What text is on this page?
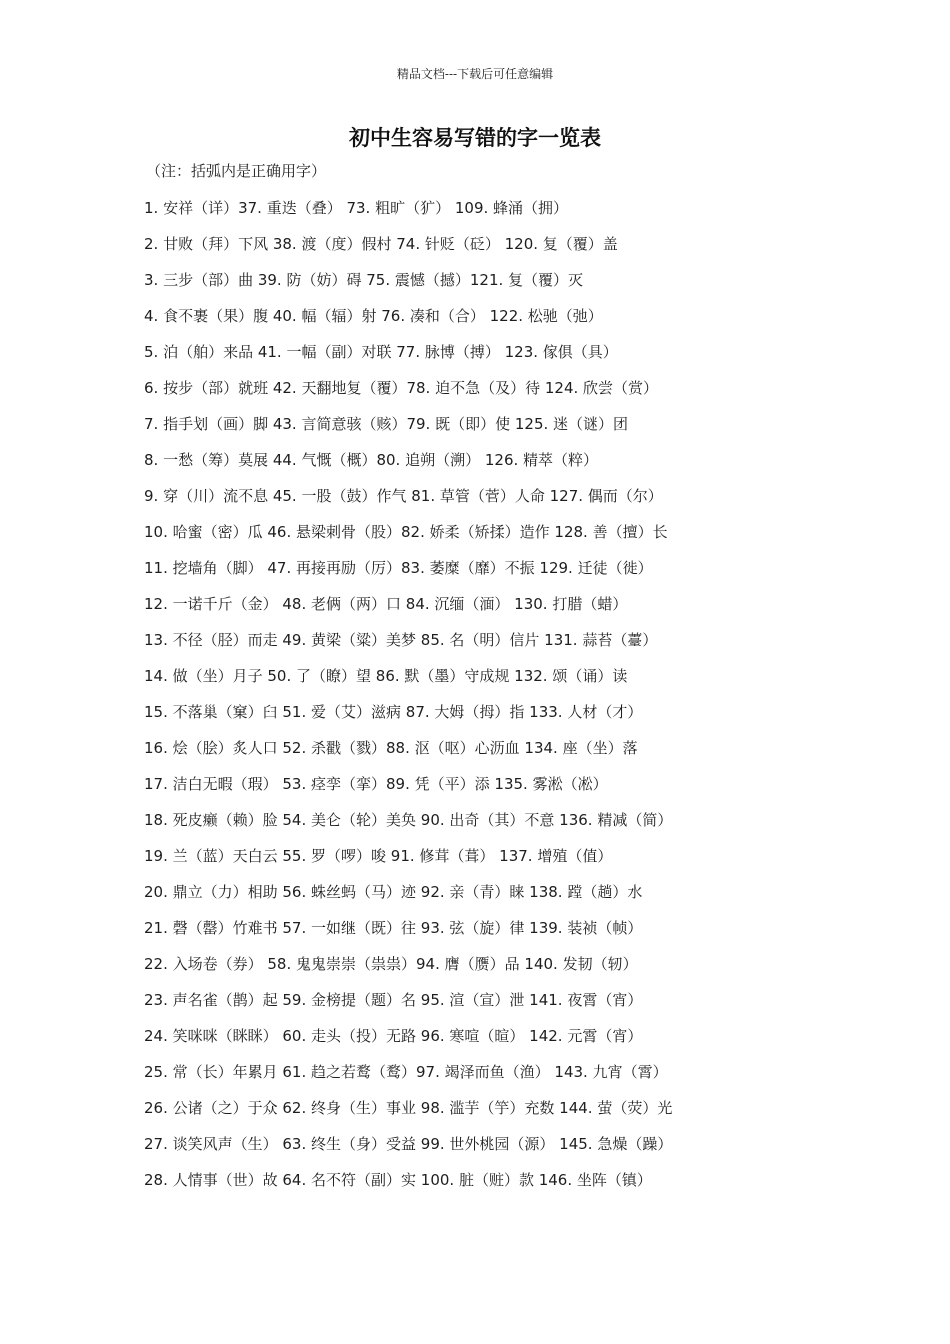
精品文档---下载后可任意编辑
初中生容易写错的字一览表
（注：括弧内是正确用字）
1. 安祥（详）37. 重迭（叠） 73. 粗旷（犷） 109. 蜂涌（拥）
2. 甘败（拜）下风 38. 渡（度）假村 74. 针贬（砭） 120. 复（覆）盖
3. 三步（部）曲 39. 防（妨）碍 75. 震憾（撼）121. 复（覆）灭
4. 食不裹（果）腹 40. 幅（辐）射 76. 凑和（合） 122. 松驰（弛）
5. 泊（舶）来品 41. 一幅（副）对联 77. 脉博（搏） 123. 傢俱（具）
6. 按步（部）就班 42. 天翻地复（覆）78. 迫不急（及）待 124. 欣尝（赏）
7. 指手划（画）脚 43. 言简意骇（赅）79. 既（即）使 125. 迷（谜）团
8. 一愁（筹）莫展 44. 气慨（概）80. 追朔（溯） 126. 精萃（粹）
9. 穿（川）流不息 45. 一股（鼓）作气 81. 草管（菅）人命 127. 偶而（尔）
10. 哈蜜（密）瓜 46. 悬梁刺骨（股）82. 娇柔（矫揉）造作 128. 善（擅）长
11. 挖墙角（脚） 47. 再接再励（厉）83. 萎糜（靡）不振 129. 迁徒（徙）
12. 一诺千斤（金） 48. 老俩（两）口 84. 沉缅（湎） 130. 打腊（蜡）
13. 不径（胫）而走 49. 黄梁（粱）美梦 85. 名（明）信片 131. 蒜苔（薹）
14. 做（坐）月子 50. 了（瞭）望 86. 默（墨）守成规 132. 颂（诵）读
15. 不落巢（窠）臼 51. 爱（艾）滋病 87. 大姆（拇）指 133. 人材（才）
16. 烩（脍）炙人口 52. 杀戳（戮）88. 沤（呕）心沥血 134. 座（坐）落
17. 洁白无暇（瑕） 53. 痉孪（挛）89. 凭（平）添 135. 雾淞（凇）
18. 死皮癞（赖）脸 54. 美仑（轮）美奂 90. 出奇（其）不意 136. 精减（简）
19. 兰（蓝）天白云 55. 罗（啰）唆 91. 修茸（葺） 137. 增殖（值）
20. 鼎立（力）相助 56. 蛛丝蚂（马）迹 92. 亲（青）睐 138. 蹚（趟）水
21. 磬（罄）竹难书 57. 一如继（既）往 93. 弦（旋）律 139. 装祯（帧）
22. 入场卷（券） 58. 鬼鬼崇崇（祟祟）94. 膺（赝）品 140. 发韧（轫）
23. 声名雀（鹊）起 59. 金榜提（题）名 95. 渲（宣）泄 141. 夜霄（宵）
24. 笑咪咪（眯眯） 60. 走头（投）无路 96. 寒喧（暄） 142. 元霄（宵）
25. 常（长）年累月 61. 趋之若鹜（鹜）97. 竭泽而鱼（渔） 143. 九宵（霄）
26. 公诸（之）于众 62. 终身（生）事业 98. 滥芋（竽）充数 144. 萤（荧）光
27. 谈笑风声（生） 63. 终生（身）受益 99. 世外桃园（源） 145. 急燥（躁）
28. 人情事（世）故 64. 名不符（副）实 100. 脏（赃）款 146. 坐阵（镇）
